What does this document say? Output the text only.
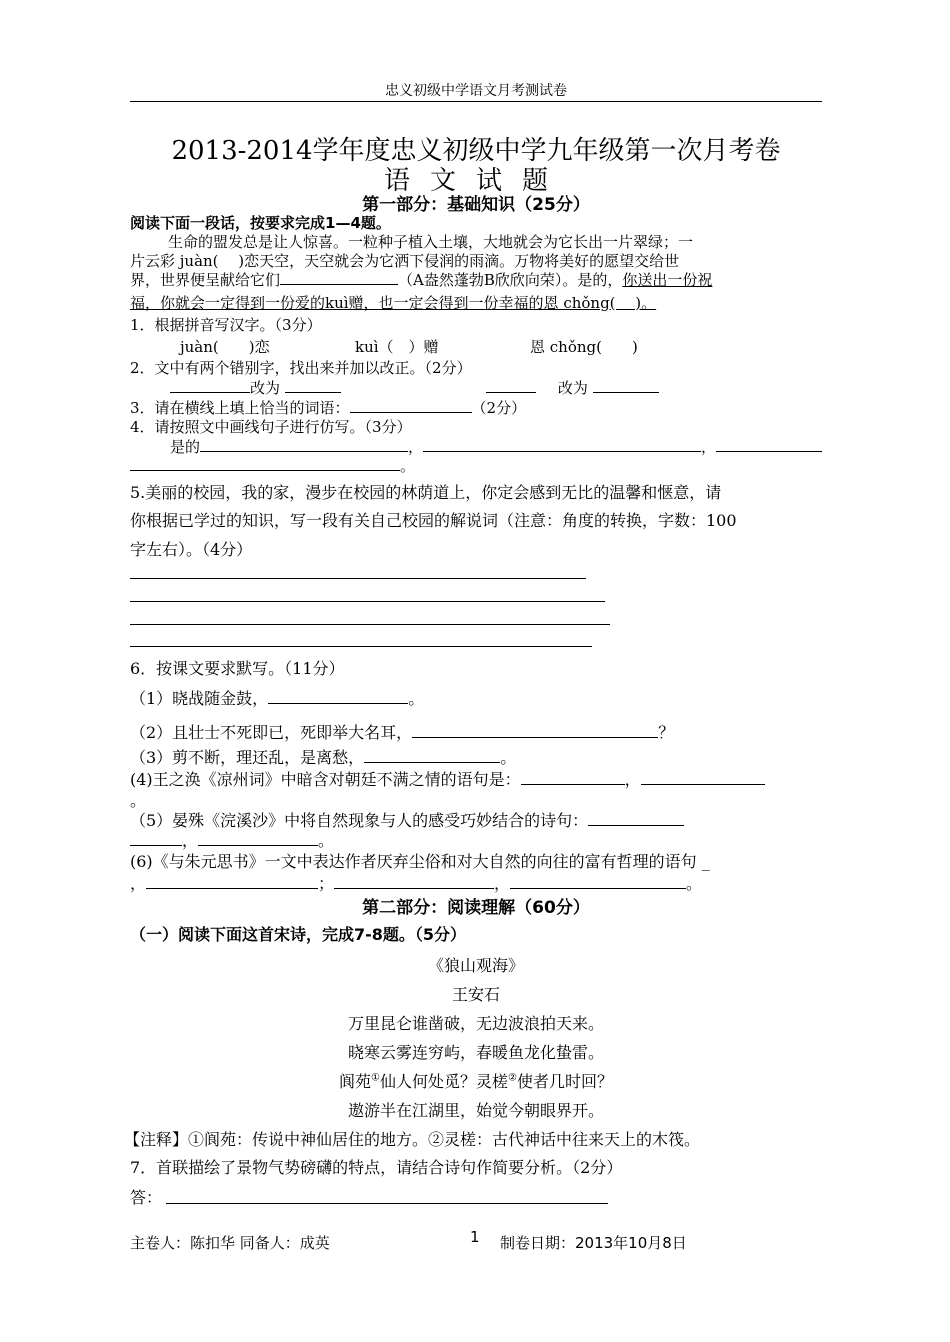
忠义初级中学语文月考测试卷
2013-2014学年度忠义初级中学九年级第一次月考卷
语文试题
第一部分：基础知识（25分）
阅读下面一段话，按要求完成1—4题。
生命的盟发总是让人惊喜。一粒种子植入土壤，大地就会为它长出一片翠绿；一
片云彩 juàn(　 )恋天空，天空就会为它洒下侵润的雨滴。万物将美好的愿望交给世
界，世界便呈献给它们	（A盎然蓬勃B欣欣向荣）。是的，你送出一份祝
福，你就会一定得到一份爱的kuì赠，也一定会得到一份幸福的恩 chǒng(　 )。
1．根据拼音写汉字。（3分）
juàn(　　)恋	kuì（　）赠	恩 chǒng(　　)
2．文中有两个错别字，找出来并加以改正。（2分）
改为	改为
3．请在横线上填上恰当的词语：	（2分）
4．请按照文中画线句子进行仿写。（3分）
是的	，	，
。
5.美丽的校园，我的家，漫步在校园的林荫道上，你定会感到无比的温馨和惬意，请
你根据已学过的知识，写一段有关自己校园的解说词（注意：角度的转换，字数：100
字左右）。（4分）
6．按课文要求默写。（11分）
（1）晓战随金鼓，	。
（2）且壮士不死即已，死即举大名耳，	？
（3）剪不断，理还乱，是离愁，	。
(4)王之涣《凉州词》中暗含对朝廷不满之情的语句是：	，
。
（5）晏殊《浣溪沙》中将自然现象与人的感受巧妙结合的诗句：
，	。
(6)《与朱元思书》一文中表达作者厌弃尘俗和对大自然的向往的富有哲理的语句 _
，	；	，	。
第二部分：阅读理解（60分）
（一）阅读下面这首宋诗，完成7-8题。（5分）
《狼山观海》
王安石
万里昆仑谁凿破，无边波浪拍天来。
晓寒云雾连穷屿，春暖鱼龙化蛰雷。
阆苑①仙人何处觅？灵槎②使者几时回？
遨游半在江湖里，始觉今朝眼界开。
【注释】①阆苑：传说中神仙居住的地方。②灵槎：古代神话中往来天上的木筏。
7．首联描绘了景物气势磅礴的特点，请结合诗句作简要分析。（2分）
答：
主卷人：陈扣华 同备人：成英	1 制卷日期：2013年10月8日
